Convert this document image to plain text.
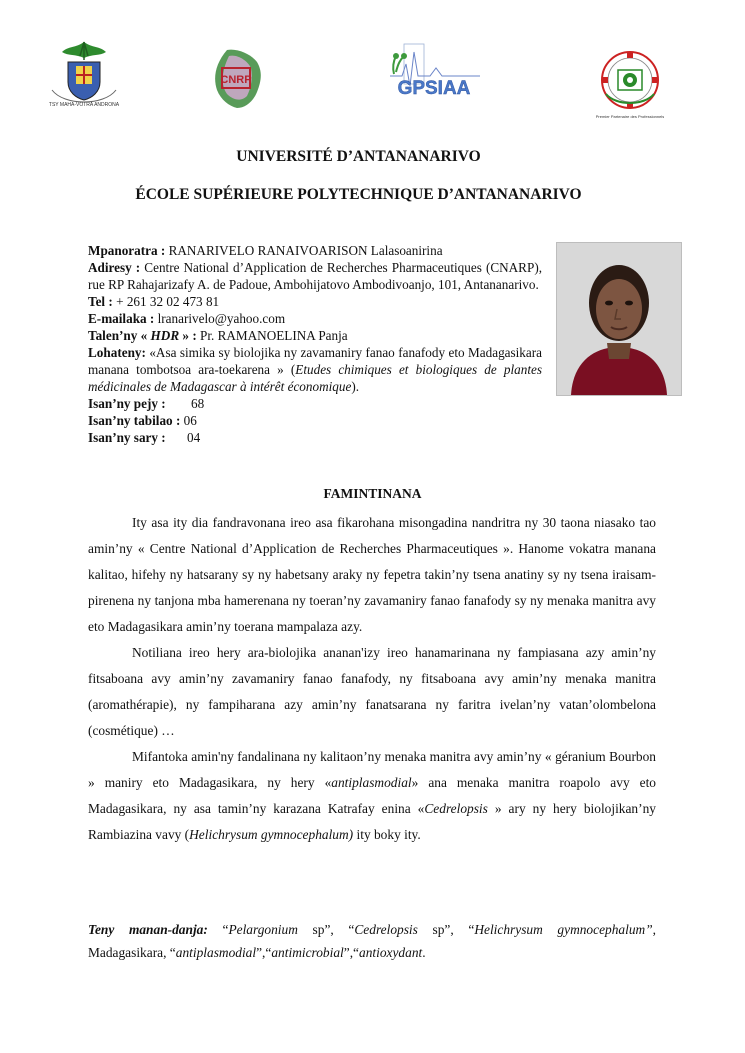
TSY MAHA-VOTRA ANDRONA
CNRP	GPSIAA
Premier Partenaire des Professionnels
UNIVERSITÉ D’ANTANANARIVO
ÉCOLE SUPÉRIEURE POLYTECHNIQUE D’ANTANANARIVO
Mpanoratra : RANARIVELO RANAIVOARISON Lalasoanirina
Adiresy : Centre National d’Application de Recherches Pharmaceutiques (CNARP), rue RP Rahajarizafy A. de Padoue, Ambohijatovo Ambodivoanjo, 101, Antananarivo.
Tel : + 261 32 02 473 81
E-mailaka : lranarivelo@yahoo.com
Talen’ny « HDR » : Pr. RAMANOELINA Panja
Lohateny: «Asa simika sy biolojika ny zavamaniry fanao fanafody eto Madagasikara manana tombotsoa ara-toekarena » (Etudes chimiques et biologiques de plantes médicinales de Madagascar à intérêt économique).
Isan’ny pejy : 68
Isan’ny tabilao : 06
Isan’ny sary : 04
FAMINTINANA

Ity asa ity dia fandravonana ireo asa fikarohana misongadina nandritra ny 30 taona niasako tao amin’ny « Centre National d’Application de Recherches Pharmaceutiques ». Hanome vokatra manana kalitao, hifehy ny hatsarany sy ny habetsany araky ny fepetra takin’ny tsena anatiny sy ny tsena iraisam-pirenena ny tanjona mba hamerenana ny toeran’ny zavamaniry fanao fanafody sy ny menaka manitra avy eto Madagasikara amin’ny toerana mampalaza azy.

Notiliana ireo hery ara-biolojika ananan'izy ireo hanamarinana ny fampiasana azy amin’ny fitsaboana avy amin’ny zavamaniry fanao fanafody, ny fitsaboana avy amin’ny menaka manitra (aromathérapie), ny fampiharana azy amin’ny fanatsarana ny faritra ivelan’ny vatan’olombelona (cosmétique) …

Mifantoka amin'ny fandalinana ny kalitaon’ny menaka manitra avy amin’ny « géranium Bourbon » maniry eto Madagasikara, ny hery «antiplasmodial» ana menaka manitra roapolo avy eto Madagasikara, ny asa tamin’ny karazana Katrafay enina «Cedrelopsis » ary ny hery biolojikan’ny Rambiazina vavy (Helichrysum gymnocephalum) ity boky ity.

Teny manan-danja: “Pelargonium sp”, “Cedrelopsis sp”, “Helichrysum gymnocephalum”, Madagasikara, “antiplasmodial”,“antimicrobial”,“antioxydant.
